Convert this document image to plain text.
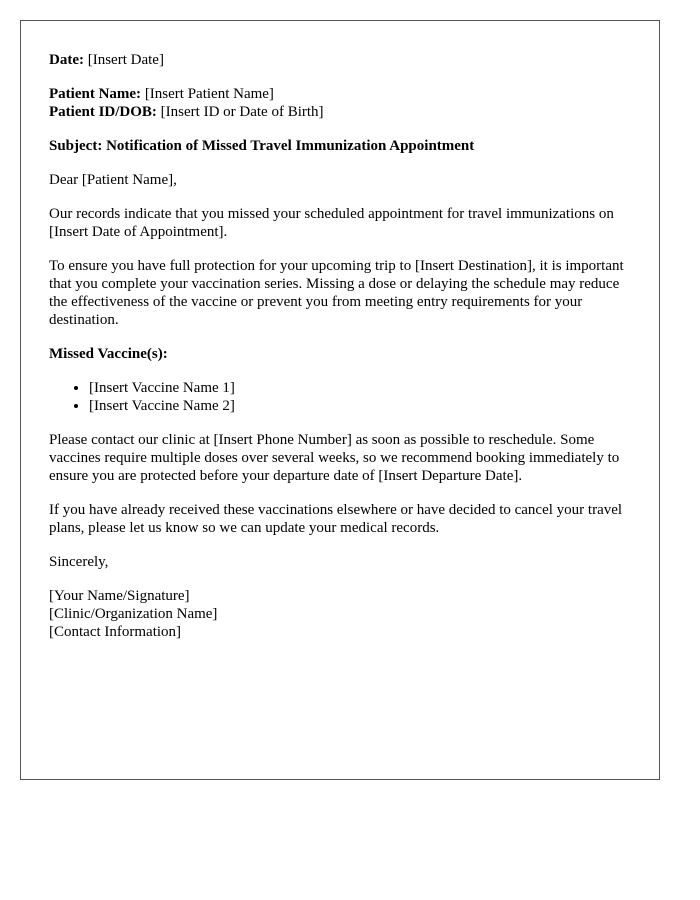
Date: [Insert Date]

Patient Name: [Insert Patient Name]

Patient ID/DOB: [Insert ID or Date of Birth]

Subject: Notification of Missed Travel Immunization Appointment

Dear [Patient Name],

Our records indicate that you missed your scheduled appointment for travel immunizations on [Insert Date of Appointment].

To ensure you have full protection for your upcoming trip to [Insert Destination], it is important that you complete your vaccination series. Missing a dose or delaying the schedule may reduce the effectiveness of the vaccine or prevent you from meeting entry requirements for your destination.

Missed Vaccine(s):

• [Insert Vaccine Name 1]
• [Insert Vaccine Name 2]

Please contact our clinic at [Insert Phone Number] as soon as possible to reschedule. Some vaccines require multiple doses over several weeks, so we recommend booking immediately to ensure you are protected before your departure date of [Insert Departure Date].

If you have already received these vaccinations elsewhere or have decided to cancel your travel plans, please let us know so we can update your medical records.

Sincerely,

[Your Name/Signature]

[Clinic/Organization Name]

[Contact Information]
